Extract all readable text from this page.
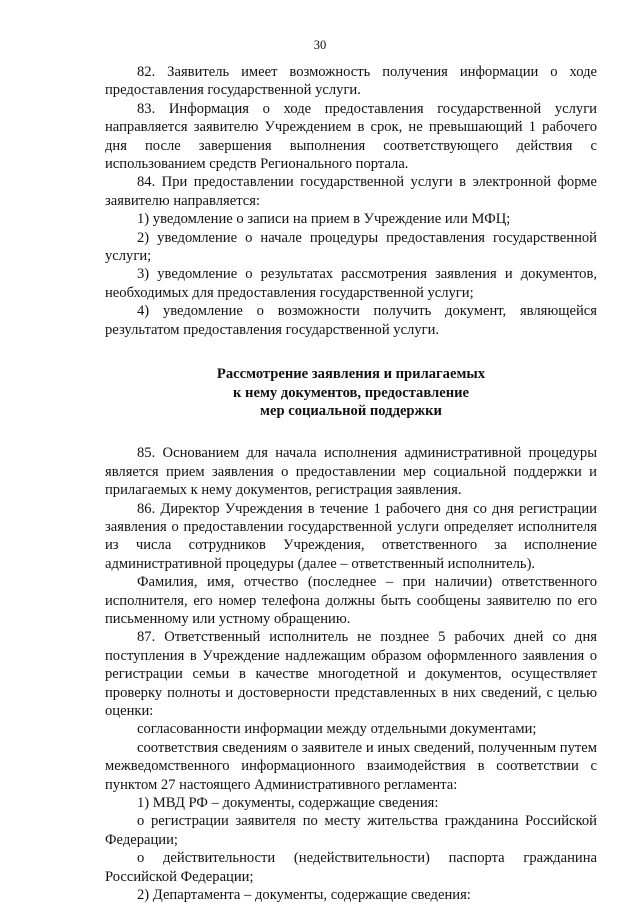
30

82. Заявитель имеет возможность получения информации о ходе предоставления государственной услуги.

83. Информация о ходе предоставления государственной услуги направляется заявителю Учреждением в срок, не превышающий 1 рабочего дня после завершения выполнения соответствующего действия с использованием средств Регионального портала.

84. При предоставлении государственной услуги в электронной форме заявителю направляется:

1) уведомление о записи на прием в Учреждение или МФЦ;

2) уведомление о начале процедуры предоставления государственной услуги;

3) уведомление о результатах рассмотрения заявления и документов, необходимых для предоставления государственной услуги;

4) уведомление о возможности получить документ, являющейся результатом предоставления государственной услуги.

Рассмотрение заявления и прилагаемых
к нему документов, предоставление
мер социальной поддержки

85. Основанием для начала исполнения административной процедуры является прием заявления о предоставлении мер социальной поддержки и прилагаемых к нему документов, регистрация заявления.

86. Директор Учреждения в течение 1 рабочего дня со дня регистрации заявления о предоставлении государственной услуги определяет исполнителя из числа сотрудников Учреждения, ответственного за исполнение административной процедуры (далее – ответственный исполнитель).

Фамилия, имя, отчество (последнее – при наличии) ответственного исполнителя, его номер телефона должны быть сообщены заявителю по его письменному или устному обращению.

87. Ответственный исполнитель не позднее 5 рабочих дней со дня поступления в Учреждение надлежащим образом оформленного заявления о регистрации семьи в качестве многодетной и документов, осуществляет проверку полноты и достоверности представленных в них сведений, с целью оценки:

согласованности информации между отдельными документами;

соответствия сведениям о заявителе и иных сведений, полученным путем межведомственного информационного взаимодействия в соответствии с пунктом 27 настоящего Административного регламента:

1) МВД РФ – документы, содержащие сведения:

о регистрации заявителя по месту жительства гражданина Российской Федерации;

о действительности (недействительности) паспорта гражданина Российской Федерации;

2) Департамента – документы, содержащие сведения:
